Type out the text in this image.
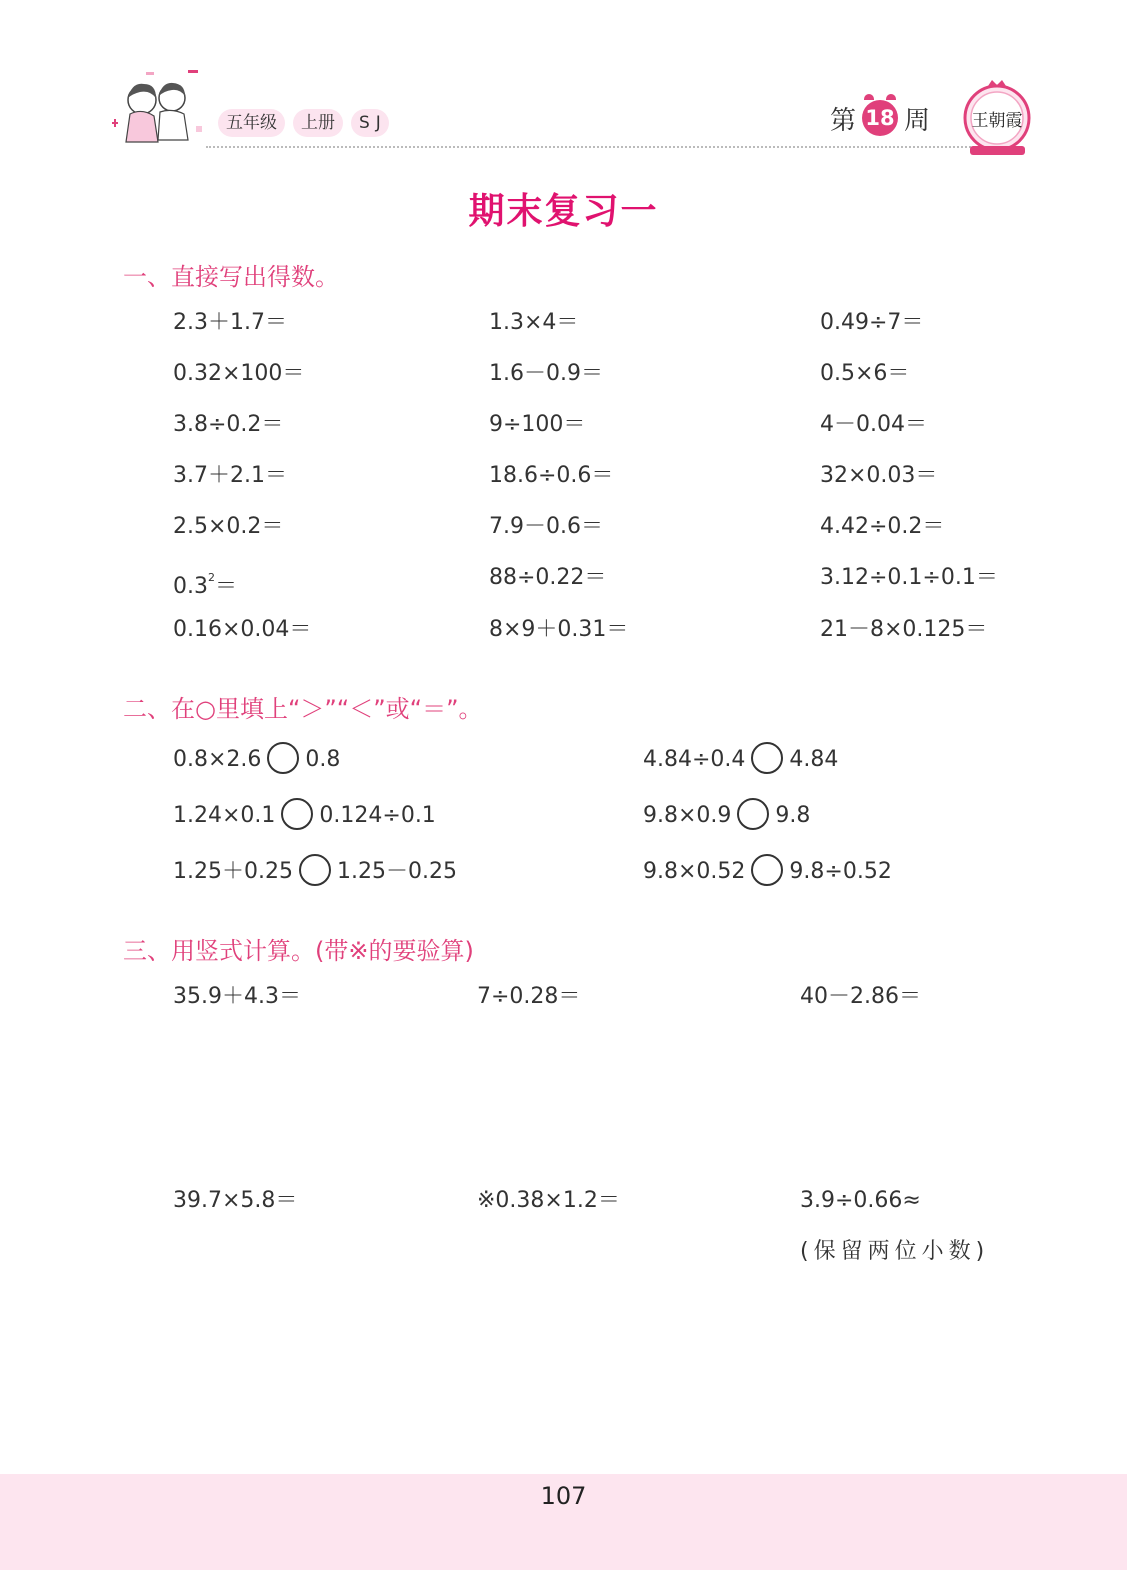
五年级	上册	SJ	第 18 周 王朝霞
期末复习一
一、直接写出得数。
2.3＋1.7＝	1.3×4＝	0.49÷7＝
0.32×100＝	1.6－0.9＝	0.5×6＝
3.8÷0.2＝	9÷100＝	4－0.04＝
3.7＋2.1＝	18.6÷0.6＝	32×0.03＝
2.5×0.2＝	7.9－0.6＝	4.42÷0.2＝
$0.3^2=$	88÷0.22＝	3.12÷0.1÷0.1＝
0.16×0.04＝	8×9＋0.31＝	21－8×0.125＝
二、在○里填上“＞”“＜”或“＝”。
0.8×2.6 0.8	4.84÷0.4 4.84
1.24×0.1 0.124÷0.1	9.8×0.9 9.8
1.25＋0.25 1.25－0.25	9.8×0.52 9.8÷0.52
三、用竖式计算。(带※的要验算)
35.9＋4.3＝	7÷0.28＝	40－2.86＝
39.7×5.8＝	※0.38×1.2＝	3.9÷0.66≈
(保留两位小数)
107
